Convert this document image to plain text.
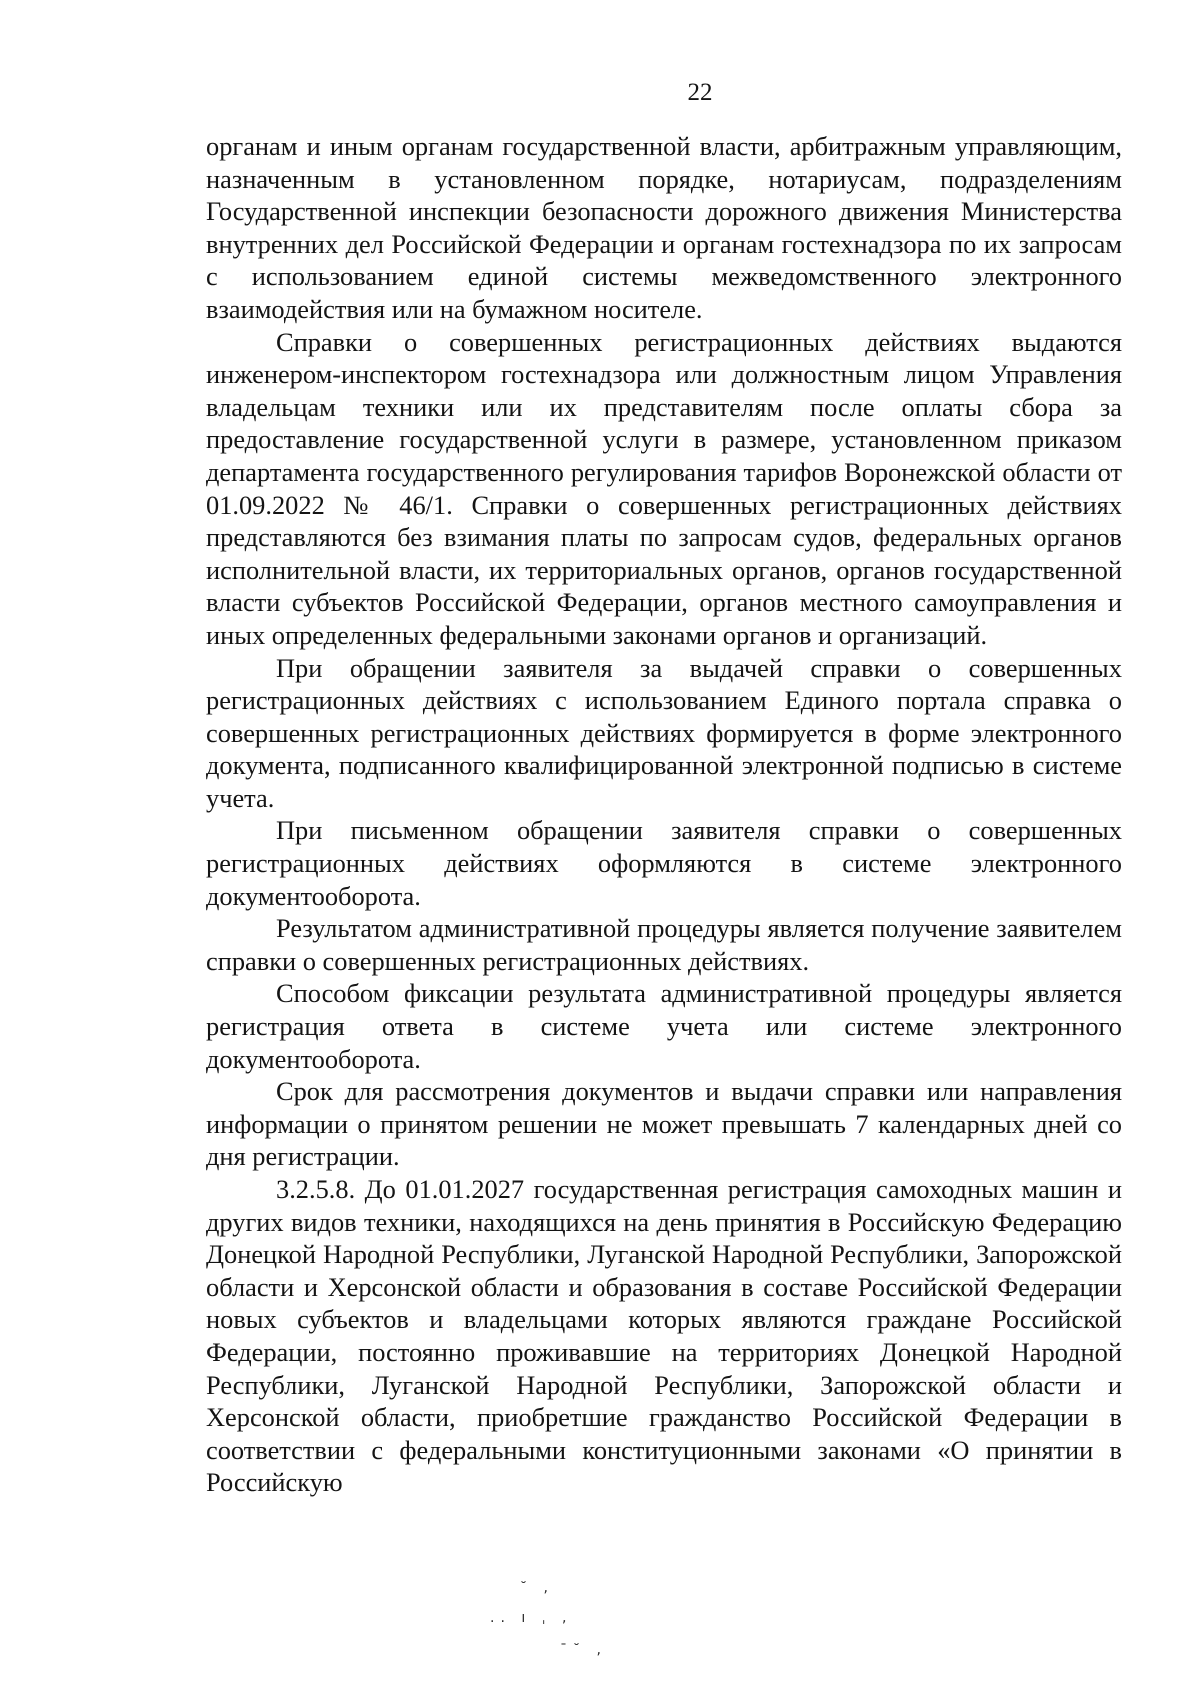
22

органам и иным органам государственной власти, арбитражным управляющим, назначенным в установленном порядке, нотариусам, подразделениям Государственной инспекции безопасности дорожного движения Министерства внутренних дел Российской Федерации и органам гостехнадзора по их запросам с использованием единой системы межведомственного электронного взаимодействия или на бумажном носителе.

Справки о совершенных регистрационных действиях выдаются инженером-инспектором гостехнадзора или должностным лицом Управления владельцам техники или их представителям после оплаты сбора за предоставление государственной услуги в размере, установленном приказом департамента государственного регулирования тарифов Воронежской области от 01.09.2022 № 46/1. Справки о совершенных регистрационных действиях представляются без взимания платы по запросам судов, федеральных органов исполнительной власти, их территориальных органов, органов государственной власти субъектов Российской Федерации, органов местного самоуправления и иных определенных федеральными законами органов и организаций.

При обращении заявителя за выдачей справки о совершенных регистрационных действиях с использованием Единого портала справка о совершенных регистрационных действиях формируется в форме электронного документа, подписанного квалифицированной электронной подписью в системе учета.

При письменном обращении заявителя справки о совершенных регистрационных действиях оформляются в системе электронного документооборота.

Результатом административной процедуры является получение заявителем справки о совершенных регистрационных действиях.

Способом фиксации результата административной процедуры является регистрация ответа в системе учета или системе электронного документооборота.

Срок для рассмотрения документов и выдачи справки или направления информации о принятом решении не может превышать 7 календарных дней со дня регистрации.

3.2.5.8. До 01.01.2027 государственная регистрация самоходных машин и других видов техники, находящихся на день принятия в Российскую Федерацию Донецкой Народной Республики, Луганской Народной Республики, Запорожской области и Херсонской области и образования в составе Российской Федерации новых субъектов и владельцами которых являются граждане Российской Федерации, постоянно проживавшие на территориях Донецкой Народной Республики, Луганской Народной Республики, Запорожской области и Херсонской области, приобретшие гражданство Российской Федерации в соответствии с федеральными конституционными законами «О принятии в Российскую

˘ ,
.. ı ˌ ,
ˉ˘ ,
